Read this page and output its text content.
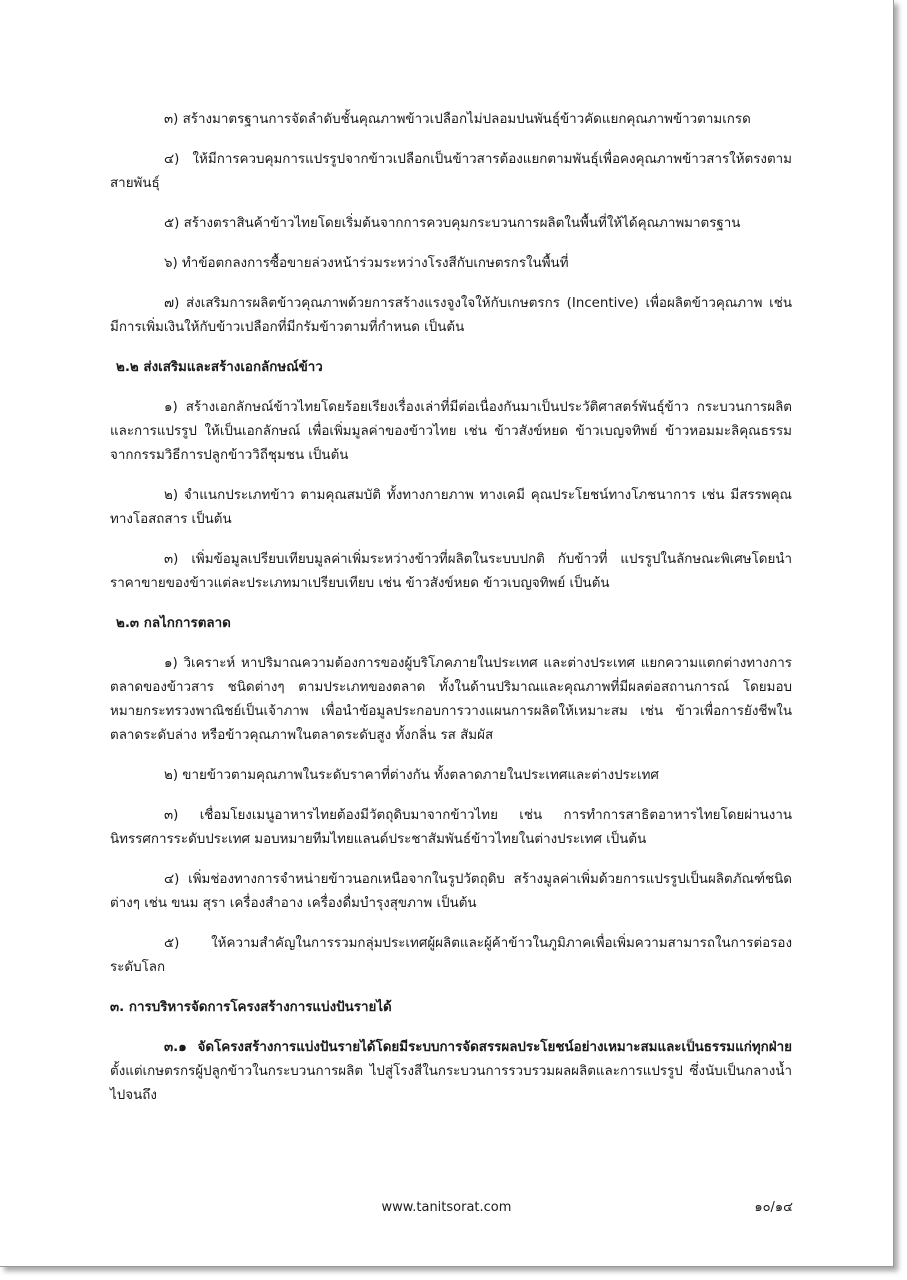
๓) สร้างมาตรฐานการจัดลำดับชั้นคุณภาพข้าวเปลือกไม่ปลอมปนพันธุ์ข้าวคัดแยกคุณภาพข้าวตามเกรด

๔) ให้มีการควบคุมการแปรรูปจากข้าวเปลือกเป็นข้าวสารต้องแยกตามพันธุ์เพื่อคงคุณภาพข้าวสารให้ตรงตามสายพันธุ์

๕) สร้างตราสินค้าข้าวไทยโดยเริ่มต้นจากการควบคุมกระบวนการผลิตในพื้นที่ให้ได้คุณภาพมาตรฐาน

๖) ทำข้อตกลงการซื้อขายล่วงหน้าร่วมระหว่างโรงสีกับเกษตรกรในพื้นที่

๗) ส่งเสริมการผลิตข้าวคุณภาพด้วยการสร้างแรงจูงใจให้กับเกษตรกร (Incentive) เพื่อผลิตข้าวคุณภาพ เช่น มีการเพิ่มเงินให้กับข้าวเปลือกที่มีกรัมข้าวตามที่กำหนด เป็นต้น

๒.๒ ส่งเสริมและสร้างเอกลักษณ์ข้าว

๑) สร้างเอกลักษณ์ข้าวไทยโดยร้อยเรียงเรื่องเล่าที่มีต่อเนื่องกันมาเป็นประวัติศาสตร์พันธุ์ข้าว กระบวนการผลิตและการแปรรูป ให้เป็นเอกลักษณ์ เพื่อเพิ่มมูลค่าของข้าวไทย เช่น ข้าวสังข์หยด ข้าวเบญจทิพย์ ข้าวหอมมะลิคุณธรรมจากกรรมวิธีการปลูกข้าววิถีชุมชน เป็นต้น

๒) จำแนกประเภทข้าว ตามคุณสมบัติ ทั้งทางกายภาพ ทางเคมี คุณประโยชน์ทางโภชนาการ เช่น มีสรรพคุณทางโอสถสาร เป็นต้น

๓) เพิ่มข้อมูลเปรียบเทียบมูลค่าเพิ่มระหว่างข้าวที่ผลิตในระบบปกติ กับข้าวที่ แปรรูปในลักษณะพิเศษโดยนำราคาขายของข้าวแต่ละประเภทมาเปรียบเทียบ เช่น ข้าวสังข์หยด ข้าวเบญจทิพย์ เป็นต้น

๒.๓ กลไกการตลาด

๑) วิเคราะห์ หาปริมาณความต้องการของผู้บริโภคภายในประเทศ และต่างประเทศ แยกความแตกต่างทางการตลาดของข้าวสาร ชนิดต่างๆ ตามประเภทของตลาด ทั้งในด้านปริมาณและคุณภาพที่มีผลต่อสถานการณ์ โดยมอบหมายกระทรวงพาณิชย์เป็นเจ้าภาพ เพื่อนำข้อมูลประกอบการวางแผนการผลิตให้เหมาะสม เช่น ข้าวเพื่อการยังชีพในตลาดระดับล่าง หรือข้าวคุณภาพในตลาดระดับสูง ทั้งกลิ่น รส สัมผัส

๒) ขายข้าวตามคุณภาพในระดับราคาที่ต่างกัน ทั้งตลาดภายในประเทศและต่างประเทศ

๓) เชื่อมโยงเมนูอาหารไทยต้องมีวัตถุดิบมาจากข้าวไทย เช่น การทำการสาธิตอาหารไทยโดยผ่านงานนิทรรศการระดับประเทศ มอบหมายทีมไทยแลนด์ประชาสัมพันธ์ข้าวไทยในต่างประเทศ เป็นต้น

๔) เพิ่มช่องทางการจำหน่ายข้าวนอกเหนือจากในรูปวัตถุดิบ สร้างมูลค่าเพิ่มด้วยการแปรรูปเป็นผลิตภัณฑ์ชนิดต่างๆ เช่น ขนม สุรา เครื่องสำอาง เครื่องดื่มบำรุงสุขภาพ เป็นต้น

๕) ให้ความสำคัญในการรวมกลุ่มประเทศผู้ผลิตและผู้ค้าข้าวในภูมิภาคเพื่อเพิ่มความสามารถในการต่อรองระดับโลก

๓. การบริหารจัดการโครงสร้างการแบ่งปันรายได้

๓.๑ จัดโครงสร้างการแบ่งปันรายได้โดยมีระบบการจัดสรรผลประโยชน์อย่างเหมาะสมและเป็นธรรมแก่ทุกฝ่าย ตั้งแต่เกษตรกรผู้ปลูกข้าวในกระบวนการผลิต ไปสู่โรงสีในกระบวนการรวบรวมผลผลิตและการแปรรูป ซึ่งนับเป็นกลางน้ำ ไปจนถึง

www.tanitsorat.com	๑๐/๑๔
